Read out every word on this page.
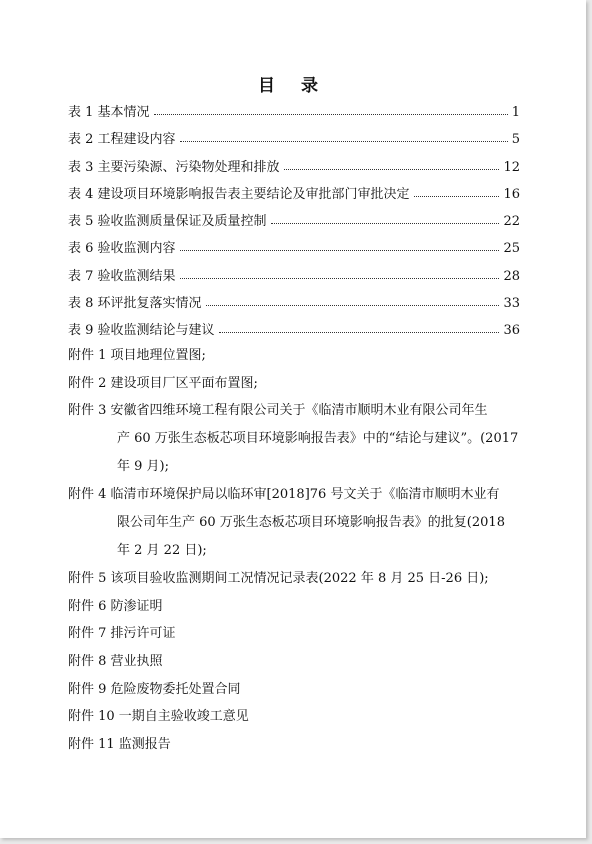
目 录
表 1 基本情况	1
表 2 工程建设内容	5
表 3 主要污染源、污染物处理和排放	12
表 4 建设项目环境影响报告表主要结论及审批部门审批决定	16
表 5 验收监测质量保证及质量控制	22
表 6 验收监测内容	25
表 7 验收监测结果	28
表 8 环评批复落实情况	33
表 9 验收监测结论与建议	36
附件 1 项目地理位置图;
附件 2 建设项目厂区平面布置图;
附件 3 安徽省四维环境工程有限公司关于《临清市顺明木业有限公司年生
产 60 万张生态板芯项目环境影响报告表》中的“结论与建议”。(2017
年 9 月);
附件 4 临清市环境保护局以临环审[2018]76 号文关于《临清市顺明木业有
限公司年生产 60 万张生态板芯项目环境影响报告表》的批复(2018
年 2 月 22 日);
附件 5 该项目验收监测期间工况情况记录表(2022 年 8 月 25 日-26 日);
附件 6 防渗证明
附件 7 排污许可证
附件 8 营业执照
附件 9 危险废物委托处置合同
附件 10 一期自主验收竣工意见
附件 11 监测报告
